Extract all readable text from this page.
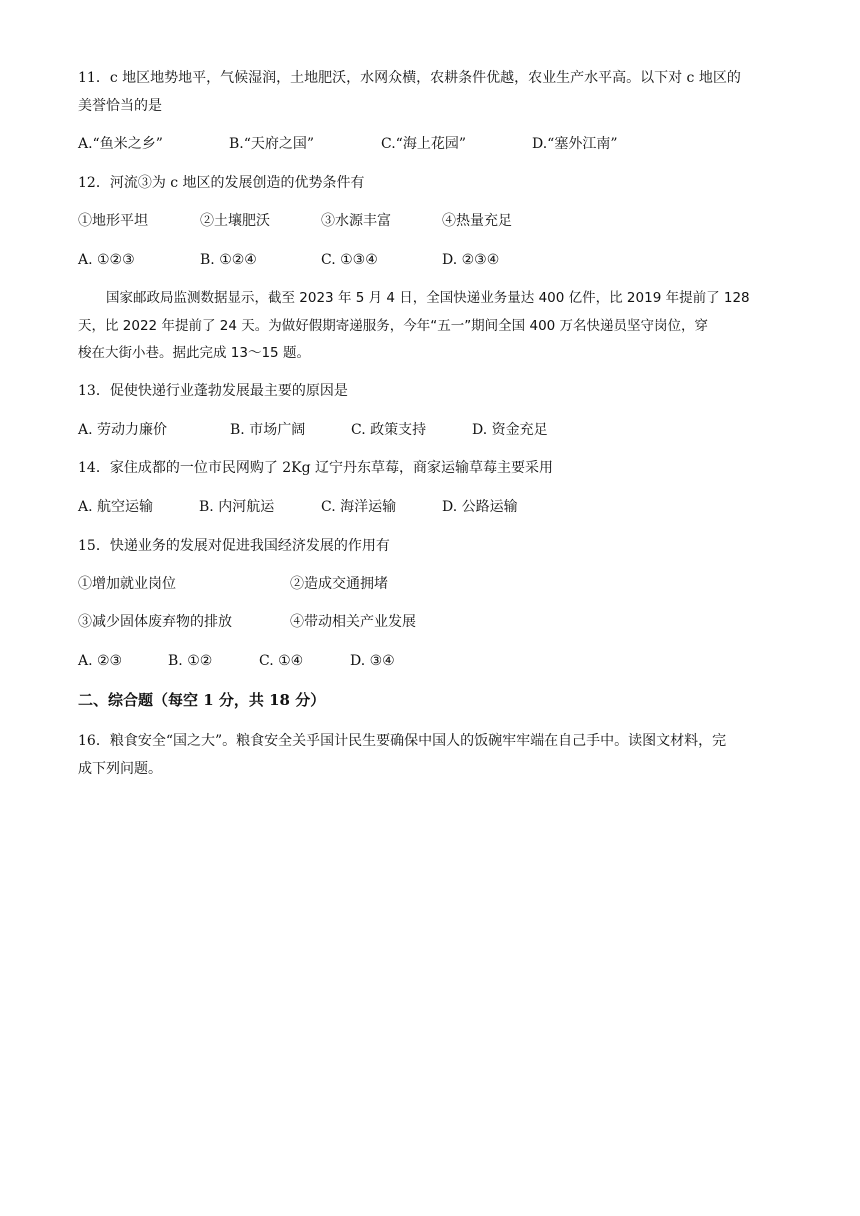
11．c 地区地势地平，气候湿润，土地肥沃，水网众横，农耕条件优越，农业生产水平高。以下对 c 地区的
美誉恰当的是
A.“鱼米之乡”	B.“天府之国”	C.“海上花园”	D.“塞外江南”
12．河流③为 c 地区的发展创造的优势条件有
①地形平坦	②土壤肥沃	③水源丰富	④热量充足
A. ①②③	B. ①②④	C. ①③④	D. ②③④
国家邮政局监测数据显示，截至 2023 年 5 月 4 日，全国快递业务量达 400 亿件，比 2019 年提前了 128
天，比 2022 年提前了 24 天。为做好假期寄递服务，今年“五一”期间全国 400 万名快递员坚守岗位，穿
梭在大街小巷。据此完成 13～15 题。
13．促使快递行业蓬勃发展最主要的原因是
A. 劳动力廉价	B. 市场广阔	C. 政策支持	D. 资金充足
14．家住成都的一位市民网购了 2Kg 辽宁丹东草莓，商家运输草莓主要采用
A. 航空运输	B. 内河航运	C. 海洋运输	D. 公路运输
15．快递业务的发展对促进我国经济发展的作用有
①增加就业岗位	②造成交通拥堵
③减少固体废弃物的排放	④带动相关产业发展
A. ②③	B. ①②	C. ①④	D. ③④
二、综合题（每空 1 分，共 18 分）
16．粮食安全“国之大”。粮食安全关乎国计民生要确保中国人的饭碗牢牢端在自己手中。读图文材料，完
成下列问题。
